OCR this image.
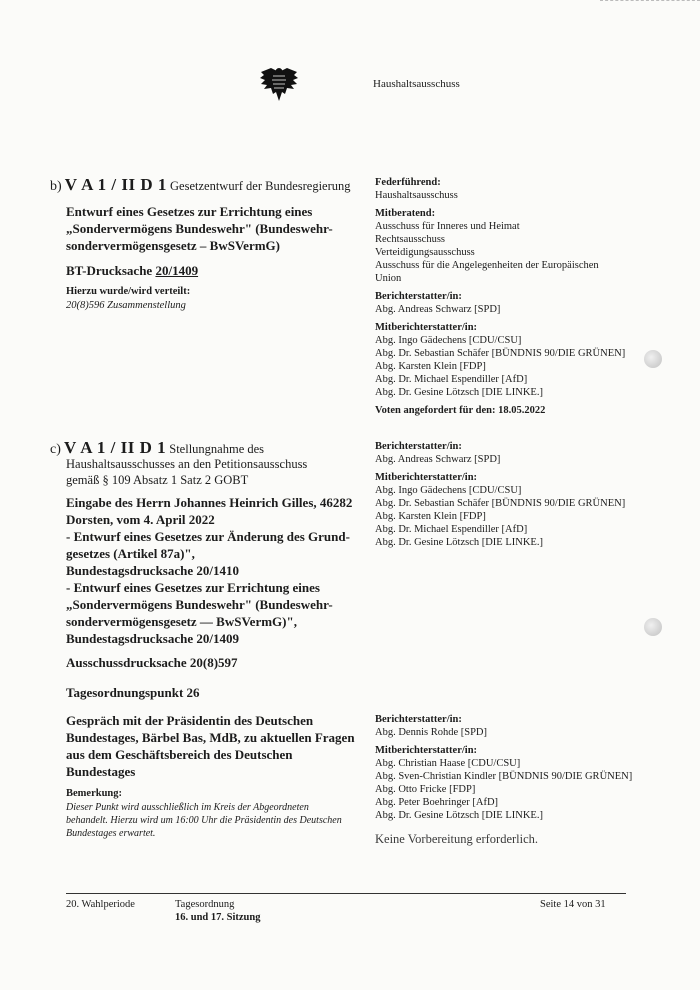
Haushaltsausschuss
b) V A 1 / II D 1 Gesetzentwurf der Bundesregierung
Entwurf eines Gesetzes zur Errichtung eines
„Sondervermögens Bundeswehr" (Bundeswehr-
sondervermögensgesetz – BwSVermG)
BT-Drucksache 20/1409
Hierzu wurde/wird verteilt:
20(8)596 Zusammenstellung
Federführend:
Haushaltsausschuss
Mitberatend:
Ausschuss für Inneres und Heimat
Rechtsausschuss
Verteidigungsausschuss
Ausschuss für die Angelegenheiten der Europäischen
Union
Berichterstatter/in:
Abg. Andreas Schwarz [SPD]
Mitberichterstatter/in:
Abg. Ingo Gädechens [CDU/CSU]
Abg. Dr. Sebastian Schäfer [BÜNDNIS 90/DIE GRÜNEN]
Abg. Karsten Klein [FDP]
Abg. Dr. Michael Espendiller [AfD]
Abg. Dr. Gesine Lötzsch [DIE LINKE.]
Voten angefordert für den: 18.05.2022
c) V A 1 / II D 1 Stellungnahme des
Haushaltsausschusses an den Petitionsausschuss
gemäß § 109 Absatz 1 Satz 2 GOBT
Eingabe des Herrn Johannes Heinrich Gilles, 46282
Dorsten, vom 4. April 2022
- Entwurf eines Gesetzes zur Änderung des Grund-
gesetzes (Artikel 87a)",
Bundestagsdrucksache 20/1410
- Entwurf eines Gesetzes zur Errichtung eines
„Sondervermögens Bundeswehr" (Bundeswehr-
sondervermögensgesetz — BwSVermG)",
Bundestagsdrucksache 20/1409
Ausschussdrucksache 20(8)597
Berichterstatter/in:
Abg. Andreas Schwarz [SPD]
Mitberichterstatter/in:
Abg. Ingo Gädechens [CDU/CSU]
Abg. Dr. Sebastian Schäfer [BÜNDNIS 90/DIE GRÜNEN]
Abg. Karsten Klein [FDP]
Abg. Dr. Michael Espendiller [AfD]
Abg. Dr. Gesine Lötzsch [DIE LINKE.]
Tagesordnungspunkt 26
Gespräch mit der Präsidentin des Deutschen
Bundestages, Bärbel Bas, MdB, zu aktuellen Fragen
aus dem Geschäftsbereich des Deutschen
Bundestages
Bemerkung:
Dieser Punkt wird ausschließlich im Kreis der Abgeordneten
behandelt. Hierzu wird um 16:00 Uhr die Präsidentin des Deutschen
Bundestages erwartet.
Berichterstatter/in:
Abg. Dennis Rohde [SPD]
Mitberichterstatter/in:
Abg. Christian Haase [CDU/CSU]
Abg. Sven-Christian Kindler [BÜNDNIS 90/DIE GRÜNEN]
Abg. Otto Fricke [FDP]
Abg. Peter Boehringer [AfD]
Abg. Dr. Gesine Lötzsch [DIE LINKE.]
Keine Vorbereitung erforderlich.
20. Wahlperiode	Tagesordnung
16. und 17. Sitzung
Seite 14 von 31
